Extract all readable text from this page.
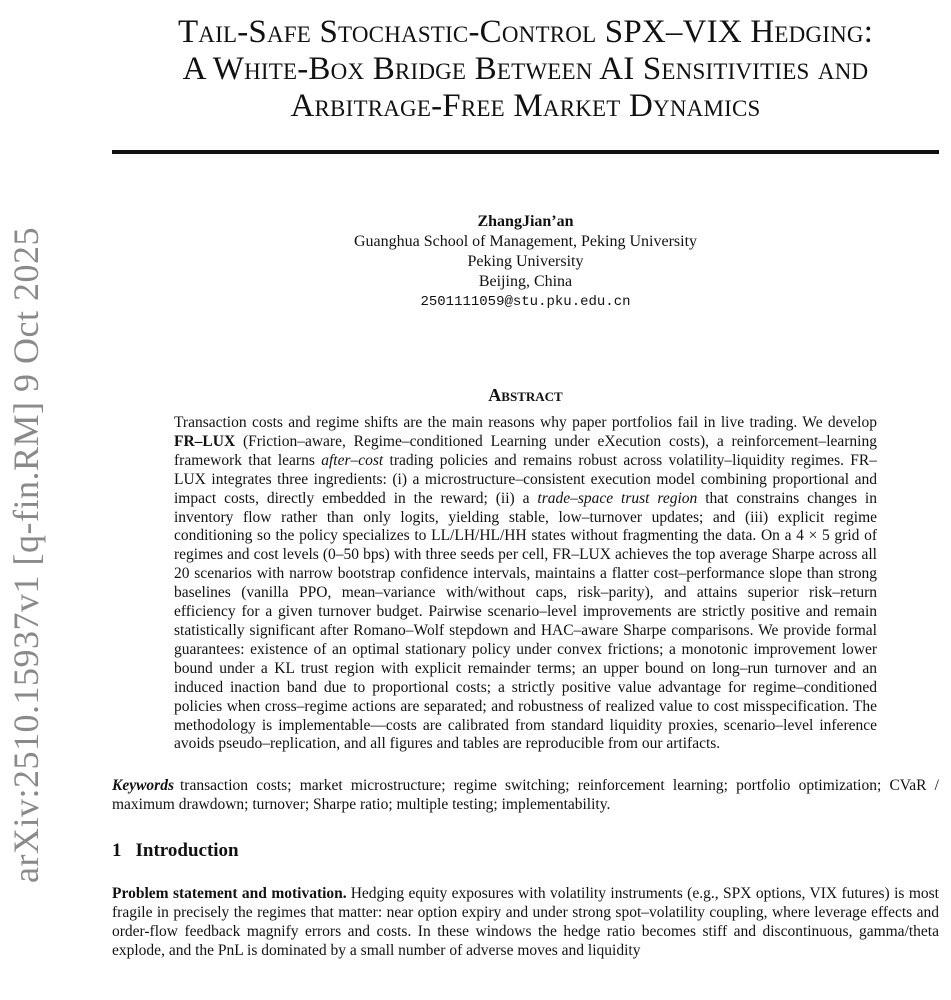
arXiv:2510.15937v1 [q-fin.RM] 9 Oct 2025
Tail-Safe Stochastic-Control SPX–VIX Hedging:
A White-Box Bridge Between AI Sensitivities and
Arbitrage-Free Market Dynamics
ZhangJian’an
Guanghua School of Management, Peking University
Peking University
Beijing, China
2501111059@stu.pku.edu.cn
Abstract
Transaction costs and regime shifts are the main reasons why paper portfolios fail in live trading. We develop FR–LUX (Friction–aware, Regime–conditioned Learning under eXecution costs), a reinforcement–learning framework that learns after–cost trading policies and remains robust across volatility–liquidity regimes. FR–LUX integrates three ingredients: (i) a microstructure–consistent execution model combining proportional and impact costs, directly embedded in the reward; (ii) a trade–space trust region that constrains changes in inventory flow rather than only logits, yielding stable, low–turnover updates; and (iii) explicit regime conditioning so the policy specializes to LL/LH/HL/HH states without fragmenting the data. On a 4 × 5 grid of regimes and cost levels (0–50 bps) with three seeds per cell, FR–LUX achieves the top average Sharpe across all 20 scenarios with narrow bootstrap confidence intervals, maintains a flatter cost–performance slope than strong baselines (vanilla PPO, mean–variance with/without caps, risk–parity), and attains superior risk–return efficiency for a given turnover budget. Pairwise scenario–level improvements are strictly positive and remain statistically significant after Romano–Wolf stepdown and HAC–aware Sharpe comparisons. We provide formal guarantees: existence of an optimal stationary policy under convex frictions; a monotonic improvement lower bound under a KL trust region with explicit remainder terms; an upper bound on long–run turnover and an induced inaction band due to proportional costs; a strictly positive value advantage for regime–conditioned policies when cross–regime actions are separated; and robustness of realized value to cost misspecification. The methodology is implementable—costs are calibrated from standard liquidity proxies, scenario–level inference avoids pseudo–replication, and all figures and tables are reproducible from our artifacts.
Keywords transaction costs; market microstructure; regime switching; reinforcement learning; portfolio optimization; CVaR / maximum drawdown; turnover; Sharpe ratio; multiple testing; implementability.
1 Introduction
Problem statement and motivation. Hedging equity exposures with volatility instruments (e.g., SPX options, VIX futures) is most fragile in precisely the regimes that matter: near option expiry and under strong spot–volatility coupling, where leverage effects and order-flow feedback magnify errors and costs. In these windows the hedge ratio becomes stiff and discontinuous, gamma/theta explode, and the PnL is dominated by a small number of adverse moves and liquidity
